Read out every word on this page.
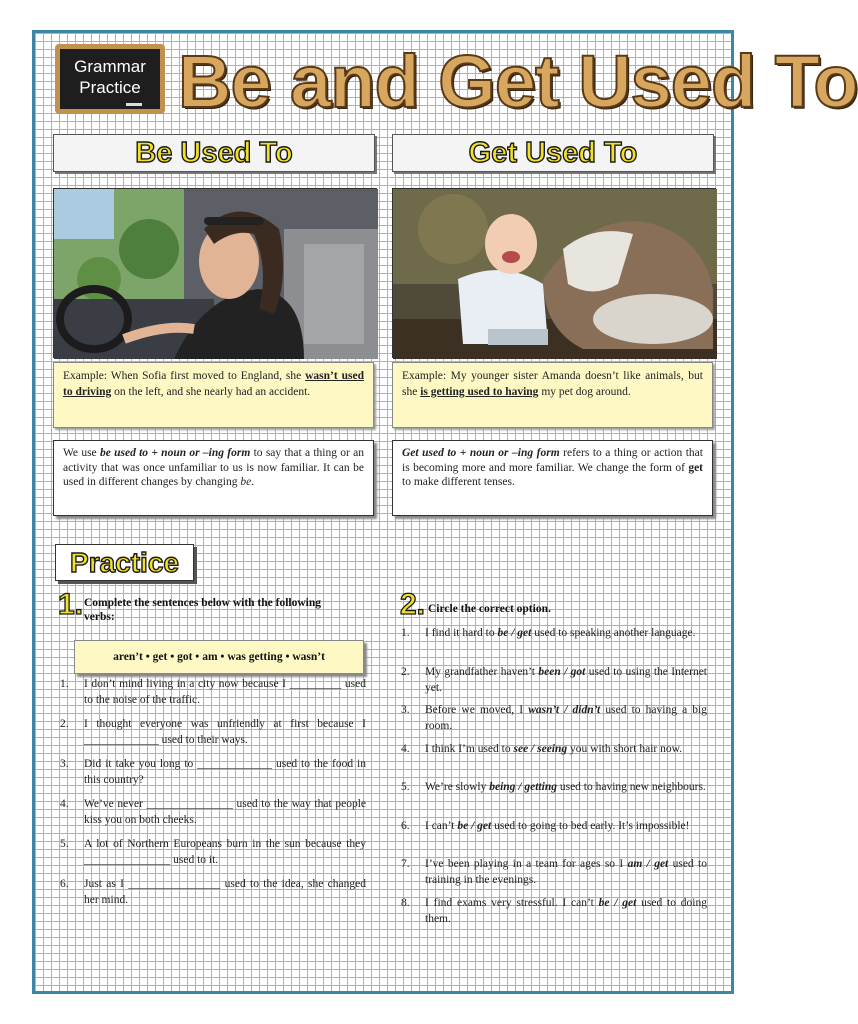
Grammar
Practice Be and Get Used To
Be Used To	Get Used To
Example: When Sofia first moved to England, she wasn’t used to driving on the left, and she nearly had an accident.
Example: My younger sister Amanda doesn’t like animals, but she is getting used to having my pet dog around.
We use be used to + noun or –ing form to say that a thing or an activity that was once unfamiliar to us is now familiar. It can be used in different changes by changing be.
Get used to + noun or –ing form refers to a thing or action that is becoming more and more familiar. We change the form of get to make different tenses.
Practice
1. Complete the sentences below with the following verbs:
aren’t • get • got • am • was getting • wasn’t
1. I don’t mind living in a city now because I _________ used to the noise of the traffic.
2. I thought everyone was unfriendly at first because I _____________ used to their ways.
3. Did it take you long to _____________ used to the food in this country?
4. We’ve never _______________ used to the way that people kiss you on both cheeks.
5. A lot of Northern Europeans burn in the sun because they _______________ used to it.
6. Just as I ________________ used to the idea, she changed her mind.
2. Circle the correct option.
1. I find it hard to be / get used to speaking another language.
2. My grandfather haven’t been / got used to using the Internet yet.
3. Before we moved, I wasn’t / didn’t used to having a big room.
4. I think I’m used to see / seeing you with short hair now.
5. We’re slowly being / getting used to having new neighbours.
6. I can’t be / get used to going to bed early. It’s impossible!
7. I’ve been playing in a team for ages so I am / get used to training in the evenings.
8. I find exams very stressful. I can’t be / get used to doing them.
